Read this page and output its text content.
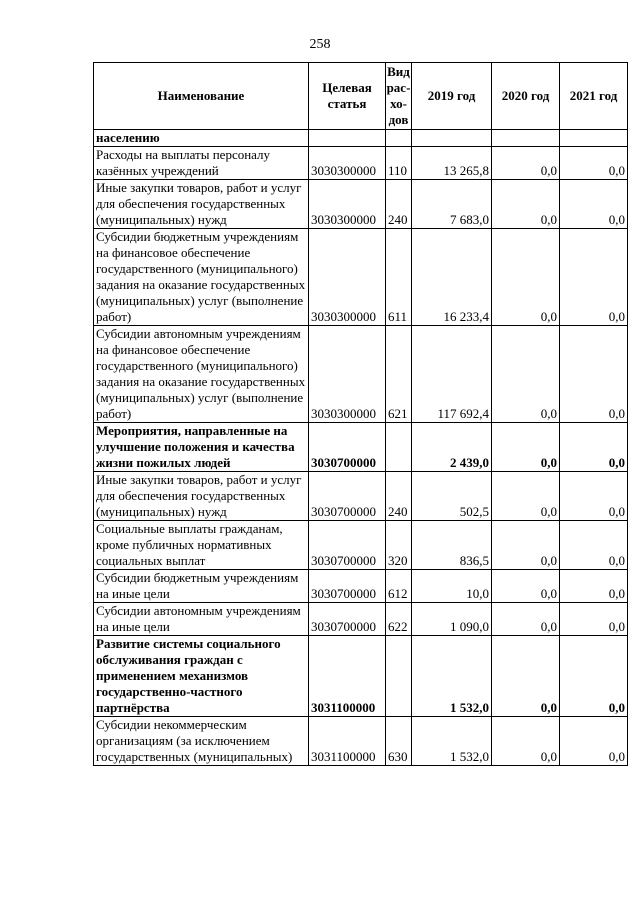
258
Наименование	Целевая статья	Вид рас- хо- дов	2019 год	2020 год	2021 год
населению					
Расходы на выплаты персоналу казённых учреждений	3030300000	110	13 265,8	0,0	0,0
Иные закупки товаров, работ и услуг для обеспечения государственных (муниципальных) нужд	3030300000	240	7 683,0	0,0	0,0
Субсидии бюджетным учреждениям на финансовое обеспечение государственного (муниципального) задания на оказание государственных (муниципальных) услуг (выполнение работ)	3030300000	611	16 233,4	0,0	0,0
Субсидии автономным учреждениям на финансовое обеспечение государственного (муниципального) задания на оказание государственных (муниципальных) услуг (выполнение работ)	3030300000	621	117 692,4	0,0	0,0
Мероприятия, направленные на улучшение положения и качества жизни пожилых людей	3030700000		2 439,0	0,0	0,0
Иные закупки товаров, работ и услуг для обеспечения государственных (муниципальных) нужд	3030700000	240	502,5	0,0	0,0
Социальные выплаты гражданам, кроме публичных нормативных социальных выплат	3030700000	320	836,5	0,0	0,0
Субсидии бюджетным учреждениям на иные цели	3030700000	612	10,0	0,0	0,0
Субсидии автономным учреждениям на иные цели	3030700000	622	1 090,0	0,0	0,0
Развитие системы социального обслуживания граждан с применением механизмов государственно-частного партнёрства	3031100000		1 532,0	0,0	0,0
Субсидии некоммерческим организациям (за исключением государственных (муниципальных)	3031100000	630	1 532,0	0,0	0,0
